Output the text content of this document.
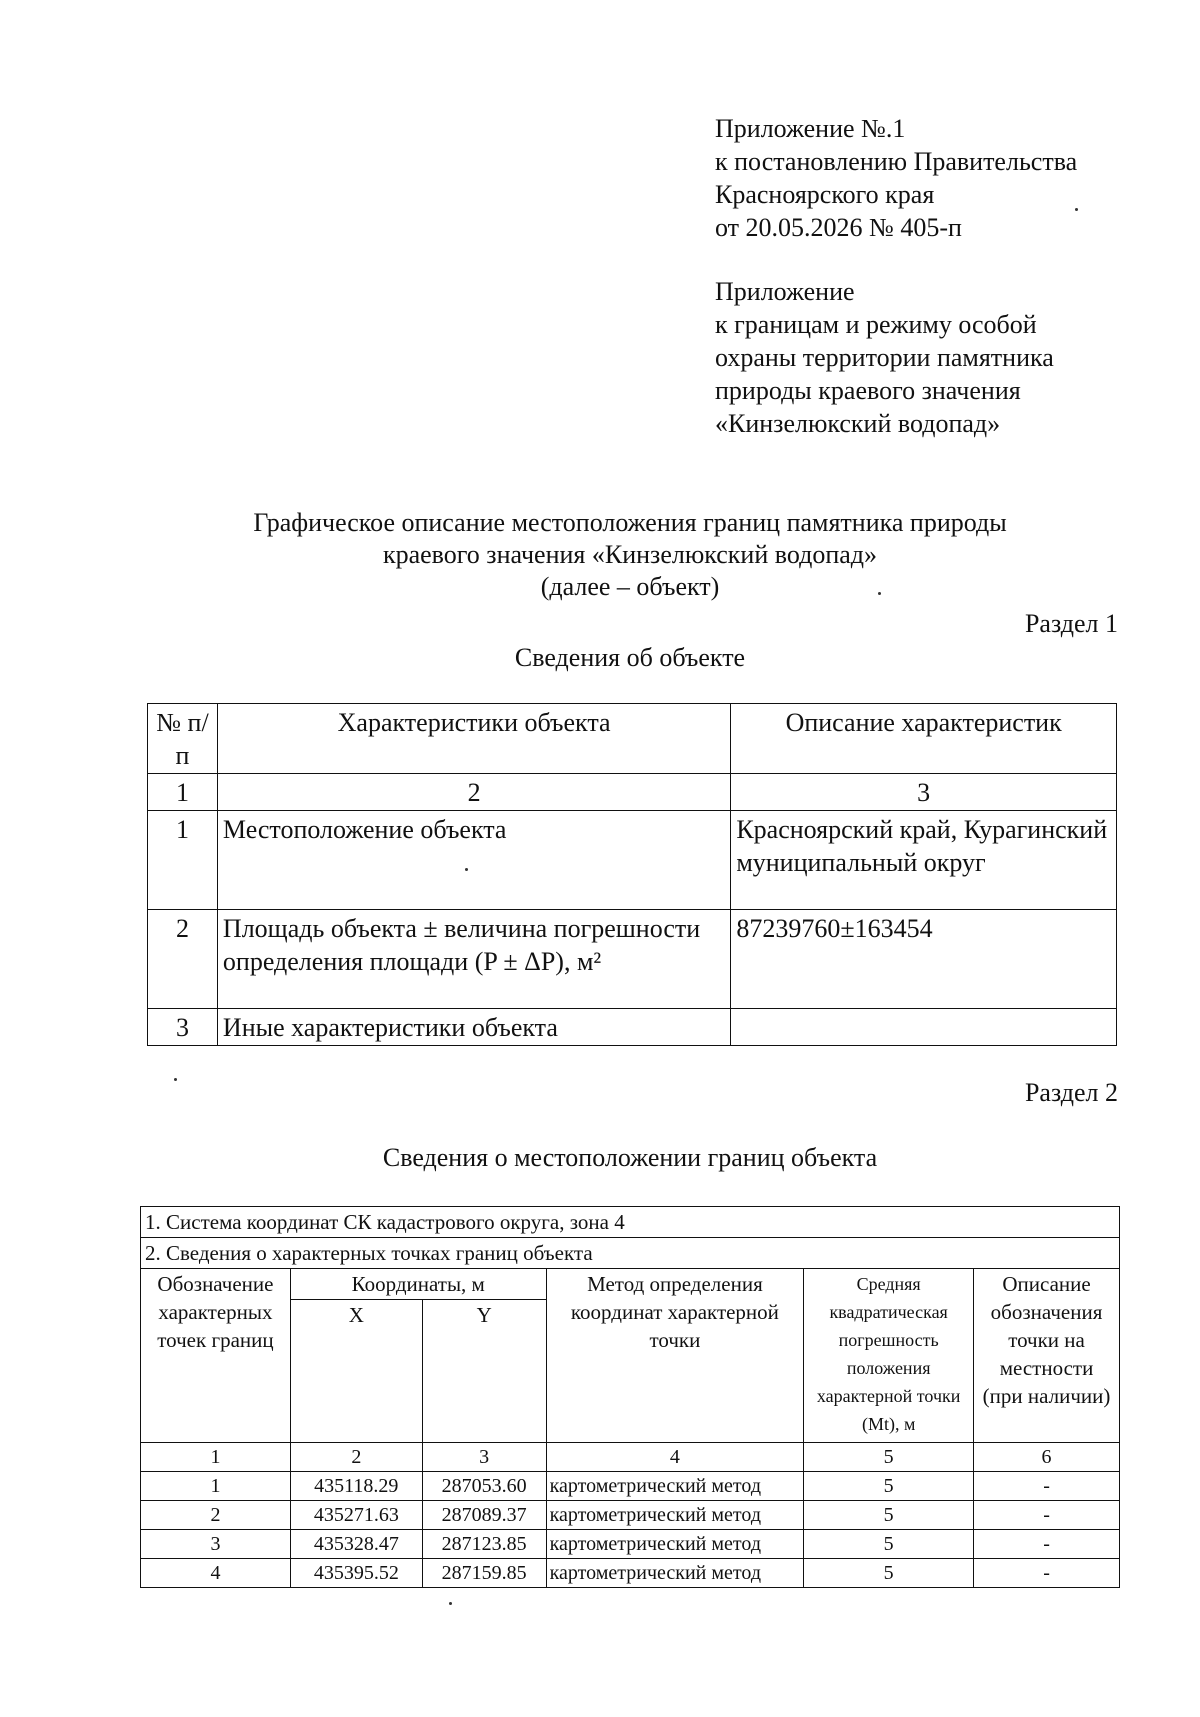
Приложение №.1
к постановлению Правительства
Красноярского края
от 20.05.2026 № 405-п
Приложение
к границам и режиму особой
охраны территории памятника
природы краевого значения
«Кинзелюкский водопад»
Графическое описание местоположения границ памятника природы
краевого значения «Кинзелюкский водопад»
(далее – объект)
Раздел 1
Сведения об объекте
№ п/п	Характеристики объекта	Описание характеристик
1	2	3
1	Местоположение объекта	Красноярский край, Курагинский муниципальный округ
2	Площадь объекта ± величина погрешности определения площади (P ± ΔP), м²	87239760±163454
3	Иные характеристики объекта	
Раздел 2
Сведения о местоположении границ объекта
1. Система координат СК кадастрового округа, зона 4					
2. Сведения о характерных точках границ объекта					
Обозначение характерных точек границ	Координаты, м		Метод определения координат характерной точки	Средняя квадратическая погрешность положения характерной точки (Mt), м	Описание обозначения точки на местности (при наличии)
	X	Y			
1	2	3	4	5	6
1	435118.29	287053.60	картометрический метод	5	-
2	435271.63	287089.37	картометрический метод	5	-
3	435328.47	287123.85	картометрический метод	5	-
4	435395.52	287159.85	картометрический метод	5	-
